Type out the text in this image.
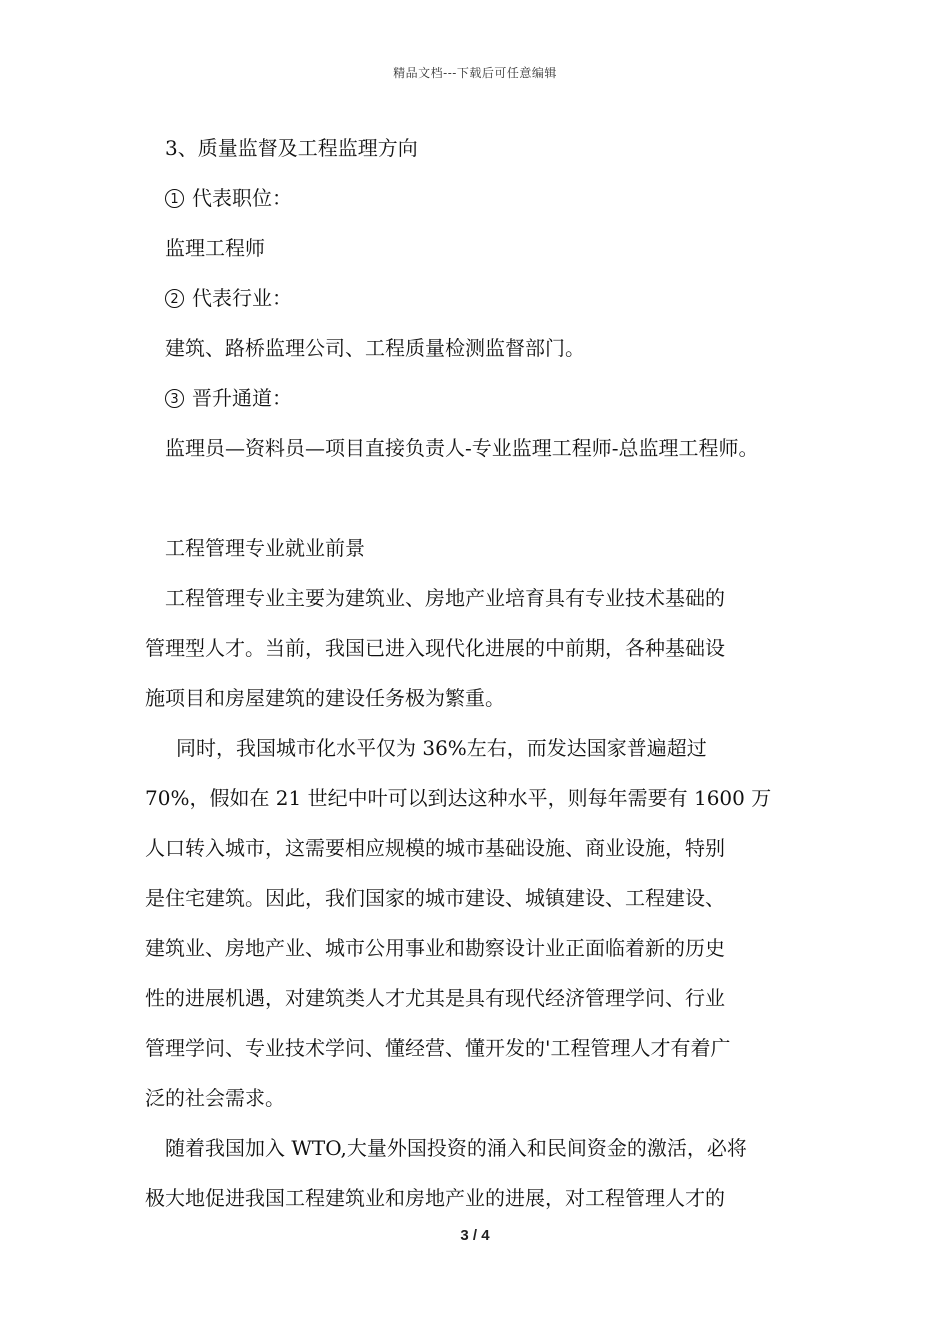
精品文档---下载后可任意编辑
3、质量监督及工程监理方向
1 代表职位：
监理工程师
2 代表行业：
建筑、路桥监理公司、工程质量检测监督部门。
3 晋升通道：
监理员—资料员—项目直接负责人-专业监理工程师-总监理工程师。
工程管理专业就业前景
工程管理专业主要为建筑业、房地产业培育具有专业技术基础的
管理型人才。当前，我国已进入现代化进展的中前期，各种基础设
施项目和房屋建筑的建设任务极为繁重。
同时，我国城市化水平仅为 36%左右，而发达国家普遍超过
70%，假如在 21 世纪中叶可以到达这种水平，则每年需要有 1600 万
人口转入城市，这需要相应规模的城市基础设施、商业设施，特别
是住宅建筑。因此，我们国家的城市建设、城镇建设、工程建设、
建筑业、房地产业、城市公用事业和勘察设计业正面临着新的历史
性的进展机遇，对建筑类人才尤其是具有现代经济管理学问、行业
管理学问、专业技术学问、懂经营、懂开发的'工程管理人才有着广
泛的社会需求。
随着我国加入 WTO,大量外国投资的涌入和民间资金的激活，必将
极大地促进我国工程建筑业和房地产业的进展，对工程管理人才的
3 / 4
